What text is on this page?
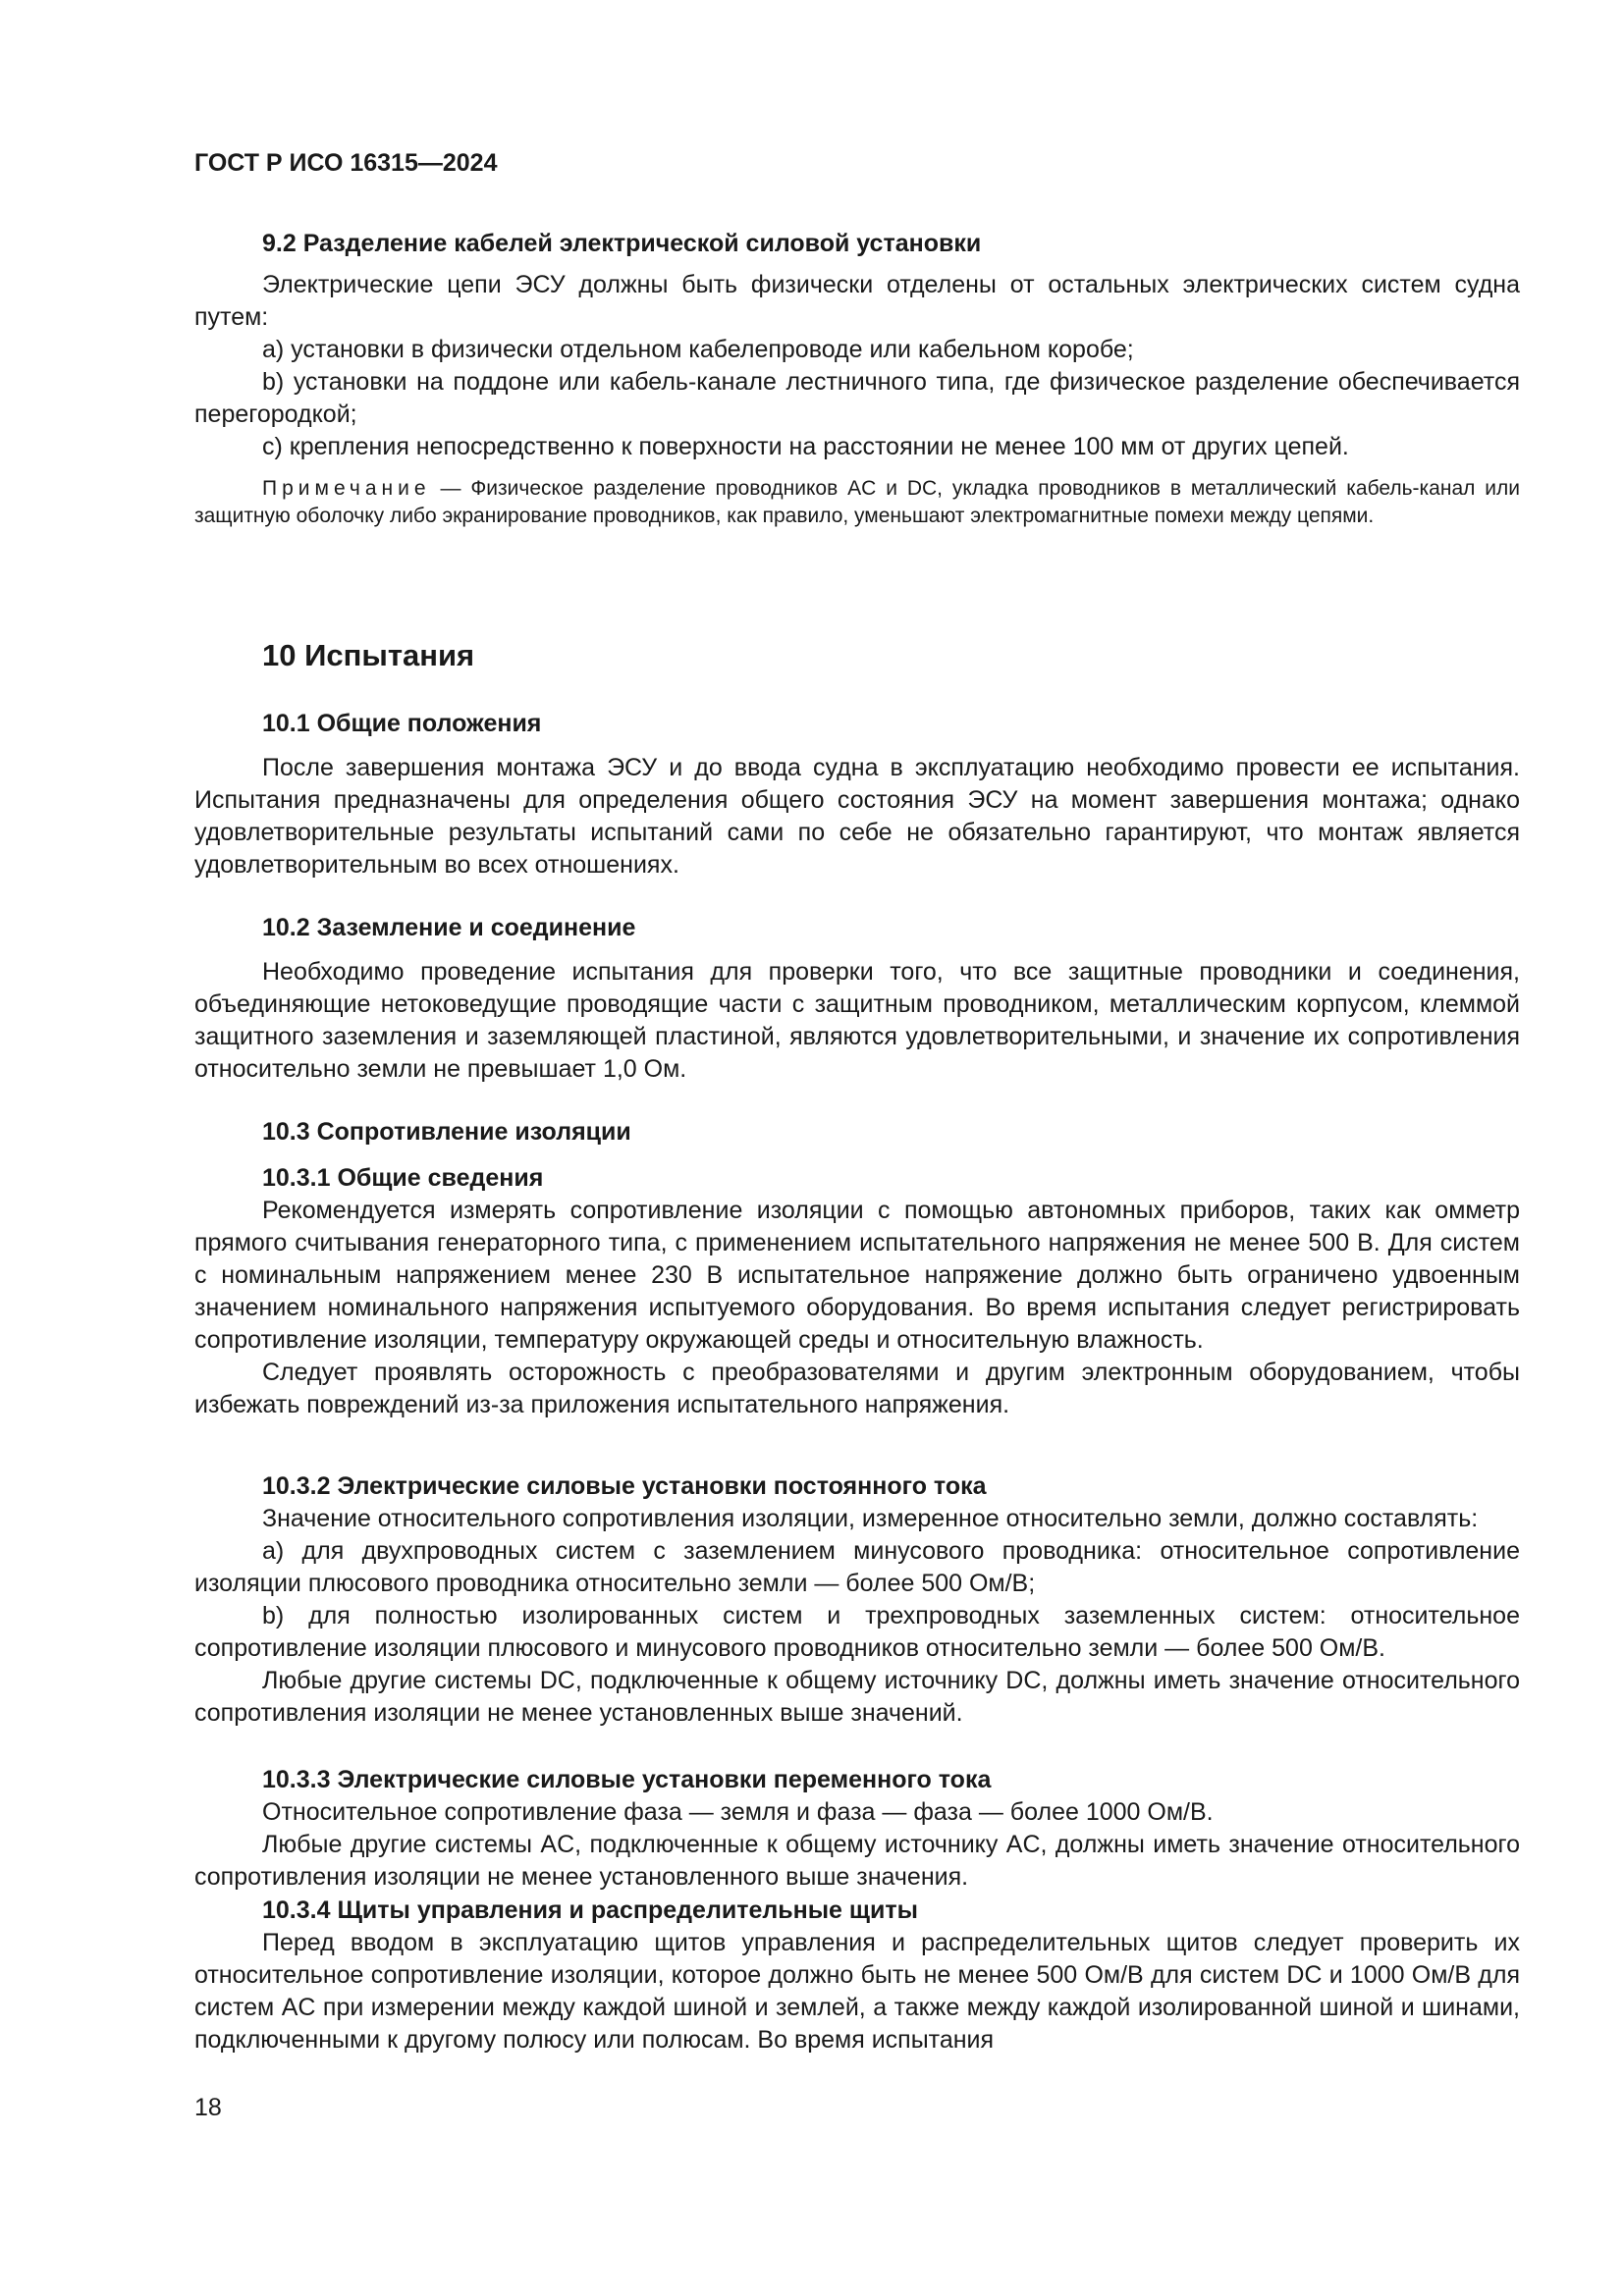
ГОСТ Р ИСО 16315—2024
9.2 Разделение кабелей электрической силовой установки
Электрические цепи ЭСУ должны быть физически отделены от остальных электрических систем судна путем:
a) установки в физически отдельном кабелепроводе или кабельном коробе;
b) установки на поддоне или кабель-канале лестничного типа, где физическое разделение обеспечивается перегородкой;
c) крепления непосредственно к поверхности на расстоянии не менее 100 мм от других цепей.
Примечание — Физическое разделение проводников AC и DC, укладка проводников в металлический кабель-канал или защитную оболочку либо экранирование проводников, как правило, уменьшают электромагнитные помехи между цепями.
10 Испытания
10.1 Общие положения
После завершения монтажа ЭСУ и до ввода судна в эксплуатацию необходимо провести ее испытания. Испытания предназначены для определения общего состояния ЭСУ на момент завершения монтажа; однако удовлетворительные результаты испытаний сами по себе не обязательно гарантируют, что монтаж является удовлетворительным во всех отношениях.
10.2 Заземление и соединение
Необходимо проведение испытания для проверки того, что все защитные проводники и соединения, объединяющие нетоковедущие проводящие части с защитным проводником, металлическим корпусом, клеммой защитного заземления и заземляющей пластиной, являются удовлетворительными, и значение их сопротивления относительно земли не превышает 1,0 Ом.
10.3 Сопротивление изоляции
10.3.1 Общие сведения
Рекомендуется измерять сопротивление изоляции с помощью автономных приборов, таких как омметр прямого считывания генераторного типа, с применением испытательного напряжения не менее 500 В. Для систем с номинальным напряжением менее 230 В испытательное напряжение должно быть ограничено удвоенным значением номинального напряжения испытуемого оборудования. Во время испытания следует регистрировать сопротивление изоляции, температуру окружающей среды и относительную влажность.
Следует проявлять осторожность с преобразователями и другим электронным оборудованием, чтобы избежать повреждений из-за приложения испытательного напряжения.
10.3.2 Электрические силовые установки постоянного тока
Значение относительного сопротивления изоляции, измеренное относительно земли, должно составлять:
a) для двухпроводных систем с заземлением минусового проводника: относительное сопротивление изоляции плюсового проводника относительно земли — более 500 Ом/В;
b) для полностью изолированных систем и трехпроводных заземленных систем: относительное сопротивление изоляции плюсового и минусового проводников относительно земли — более 500 Ом/В.
Любые другие системы DC, подключенные к общему источнику DC, должны иметь значение относительного сопротивления изоляции не менее установленных выше значений.
10.3.3 Электрические силовые установки переменного тока
Относительное сопротивление фаза — земля и фаза — фаза — более 1000 Ом/В.
Любые другие системы AC, подключенные к общему источнику AC, должны иметь значение относительного сопротивления изоляции не менее установленного выше значения.
10.3.4 Щиты управления и распределительные щиты
Перед вводом в эксплуатацию щитов управления и распределительных щитов следует проверить их относительное сопротивление изоляции, которое должно быть не менее 500 Ом/В для систем DC и 1000 Ом/В для систем AC при измерении между каждой шиной и землей, а также между каждой изолированной шиной и шинами, подключенными к другому полюсу или полюсам. Во время испытания
18
